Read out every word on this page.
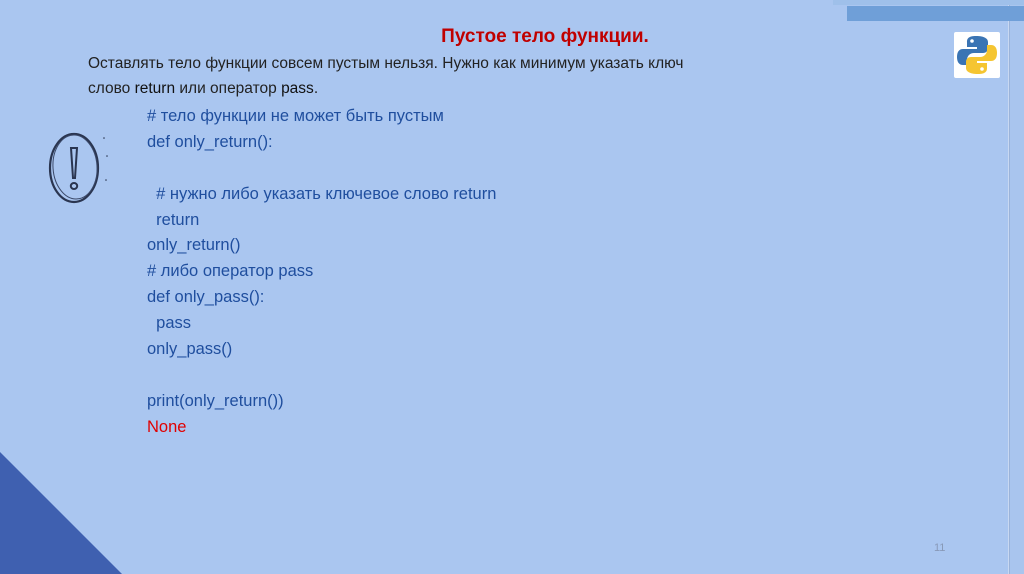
Пустое тело функции.
Оставлять тело функции совсем пустым нельзя. Нужно как минимум указать ключ
слово return или оператор pass.
# тело функции не может быть пустым
def only_return():
# нужно либо указать ключевое слово return
return
only_return()
# либо оператор pass
def only_pass():
pass
only_pass()
print(only_return())
None
11
